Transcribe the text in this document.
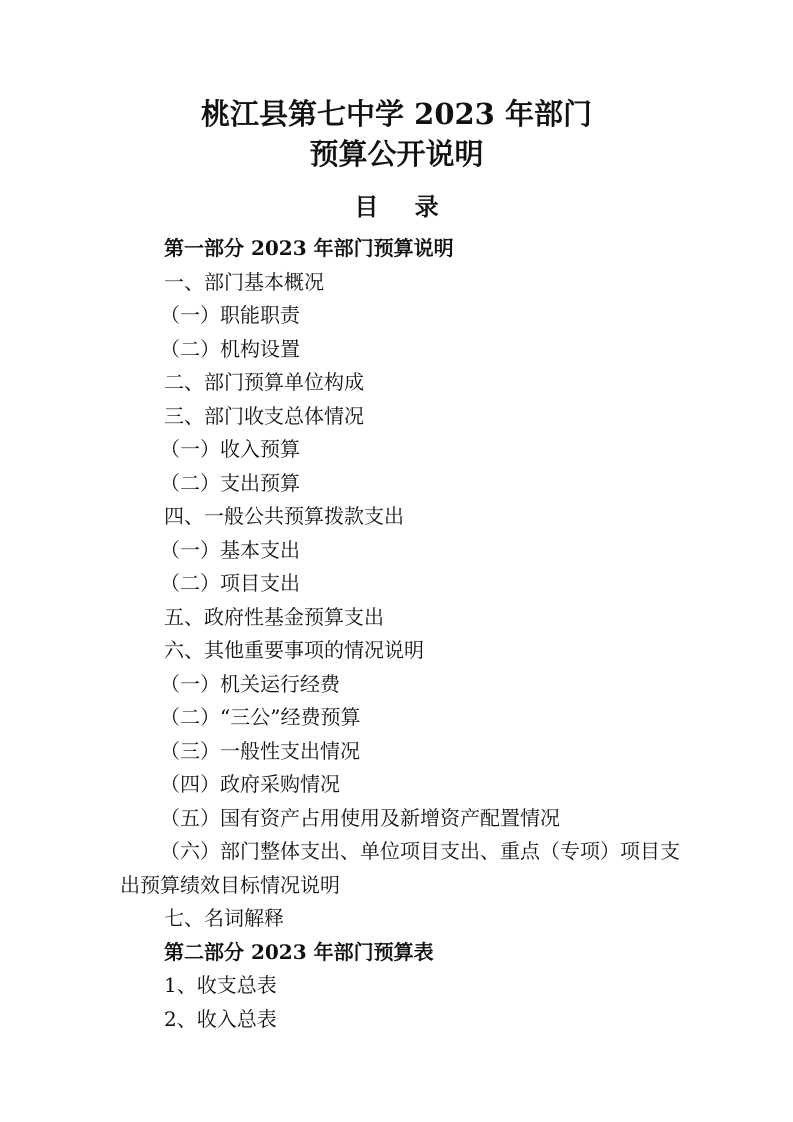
桃江县第七中学 2023 年部门
预算公开说明
目 录
第一部分 2023 年部门预算说明
一、部门基本概况
（一）职能职责
（二）机构设置
二、部门预算单位构成
三、部门收支总体情况
（一）收入预算
（二）支出预算
四、一般公共预算拨款支出
（一）基本支出
（二）项目支出
五、政府性基金预算支出
六、其他重要事项的情况说明
（一）机关运行经费
（二）“三公”经费预算
（三）一般性支出情况
（四）政府采购情况
（五）国有资产占用使用及新增资产配置情况
（六）部门整体支出、单位项目支出、重点（专项）项目支出预算绩效目标情况说明
七、名词解释
第二部分 2023 年部门预算表
1、收支总表
2、收入总表
